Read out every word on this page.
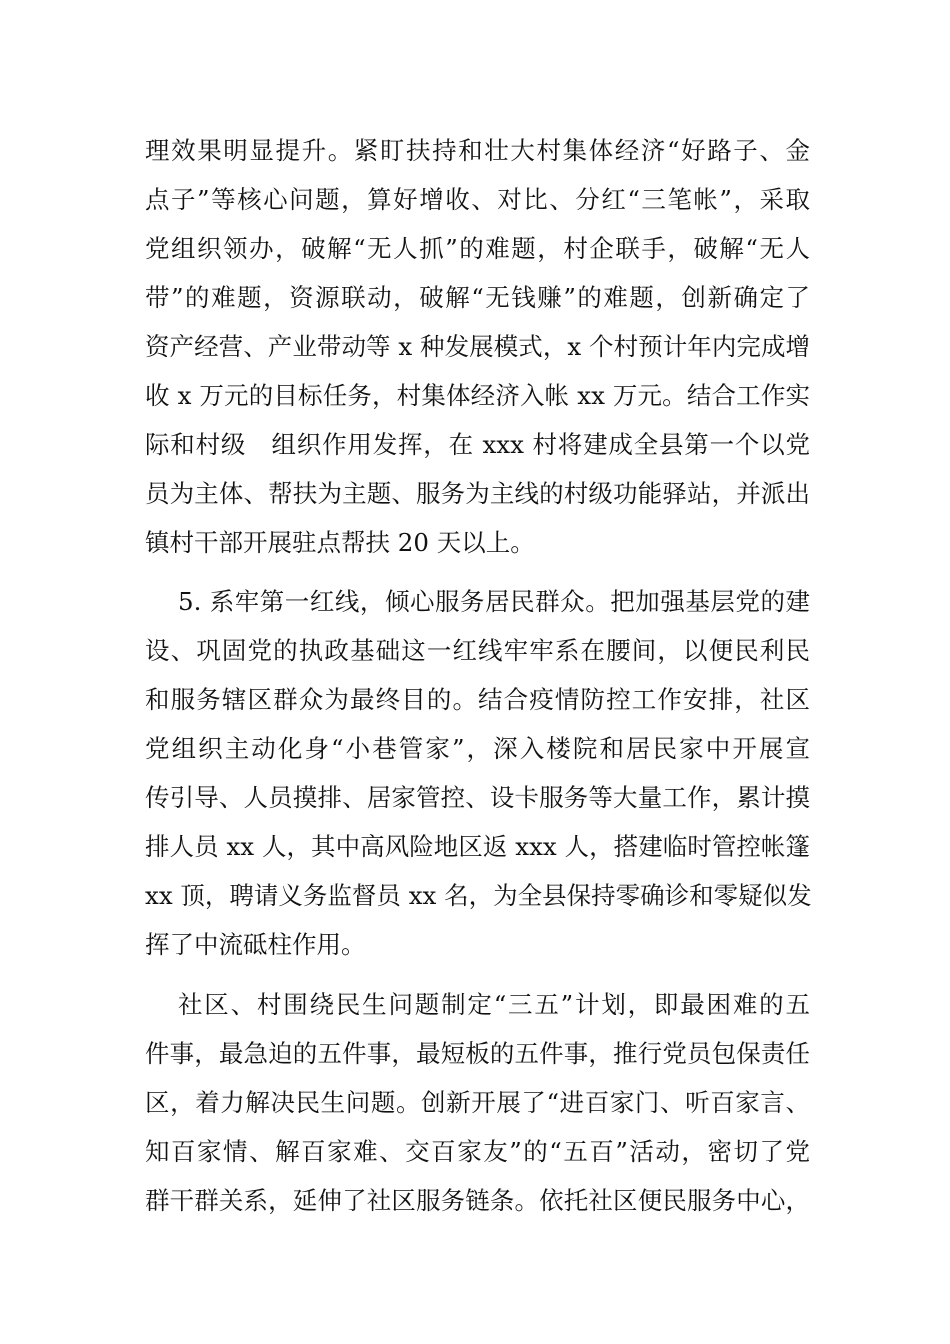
理效果明显提升。紧盯扶持和壮大村集体经济“好路子、金
点子”等核心问题，算好增收、对比、分红“三笔帐”，采取
党组织领办，破解“无人抓”的难题，村企联手，破解“无人
带”的难题，资源联动，破解“无钱赚”的难题，创新确定了
资产经营、产业带动等 x 种发展模式，x 个村预计年内完成增
收 x 万元的目标任务，村集体经济入帐 xx 万元。结合工作实
际和村级　组织作用发挥，在 xxx 村将建成全县第一个以党
员为主体、帮扶为主题、服务为主线的村级功能驿站，并派出
镇村干部开展驻点帮扶 20 天以上。
5. 系牢第一红线，倾心服务居民群众。把加强基层党的建
设、巩固党的执政基础这一红线牢牢系在腰间，以便民利民
和服务辖区群众为最终目的。结合疫情防控工作安排，社区
党组织主动化身“小巷管家”，深入楼院和居民家中开展宣
传引导、人员摸排、居家管控、设卡服务等大量工作，累计摸
排人员 xx 人，其中高风险地区返 xxx 人，搭建临时管控帐篷
xx 顶，聘请义务监督员 xx 名，为全县保持零确诊和零疑似发
挥了中流砥柱作用。
社区、村围绕民生问题制定“三五”计划，即最困难的五
件事，最急迫的五件事，最短板的五件事，推行党员包保责任
区，着力解决民生问题。创新开展了“进百家门、听百家言、
知百家情、解百家难、交百家友”的“五百”活动，密切了党
群干群关系，延伸了社区服务链条。依托社区便民服务中心，
